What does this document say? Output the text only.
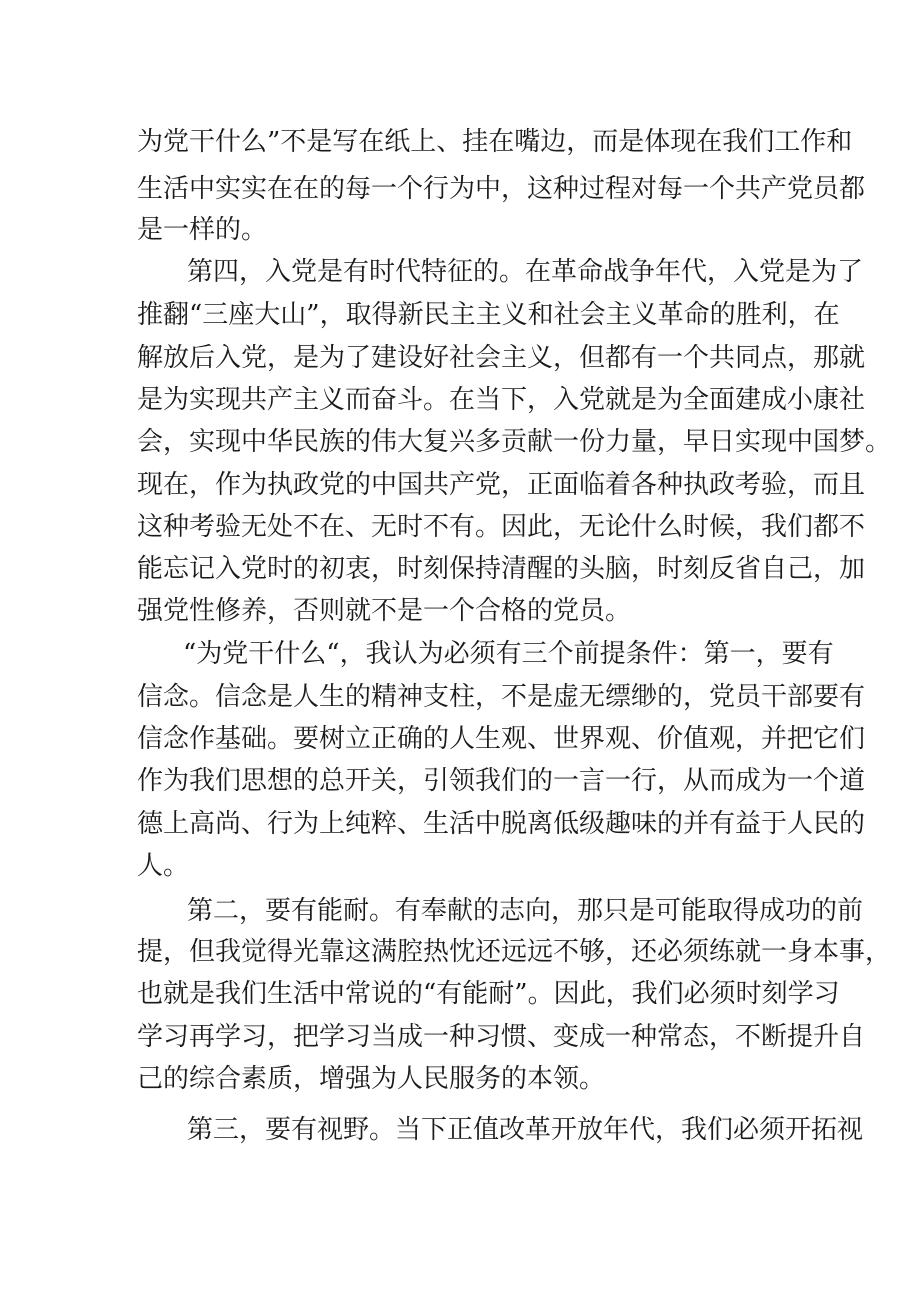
为党干什么”不是写在纸上、挂在嘴边，而是体现在我们工作和

生活中实实在在的每一个行为中，这种过程对每一个共产党员都

是一样的。

第四，入党是有时代特征的。在革命战争年代，入党是为了

推翻“三座大山”，取得新民主主义和社会主义革命的胜利，在

解放后入党，是为了建设好社会主义，但都有一个共同点，那就

是为实现共产主义而奋斗。在当下，入党就是为全面建成小康社

会，实现中华民族的伟大复兴多贡献一份力量，早日实现中国梦。

现在，作为执政党的中国共产党，正面临着各种执政考验，而且

这种考验无处不在、无时不有。因此，无论什么时候，我们都不

能忘记入党时的初衷，时刻保持清醒的头脑，时刻反省自己，加

强党性修养，否则就不是一个合格的党员。

“为党干什么“，我认为必须有三个前提条件：第一，要有

信念。信念是人生的精神支柱，不是虚无缥缈的，党员干部要有

信念作基础。要树立正确的人生观、世界观、价值观，并把它们

作为我们思想的总开关，引领我们的一言一行，从而成为一个道

德上高尚、行为上纯粹、生活中脱离低级趣味的并有益于人民的

人。

第二，要有能耐。有奉献的志向，那只是可能取得成功的前

提，但我觉得光靠这满腔热忱还远远不够，还必须练就一身本事，

也就是我们生活中常说的“有能耐”。因此，我们必须时刻学习

学习再学习，把学习当成一种习惯、变成一种常态，不断提升自

己的综合素质，增强为人民服务的本领。

第三，要有视野。当下正值改革开放年代，我们必须开拓视
